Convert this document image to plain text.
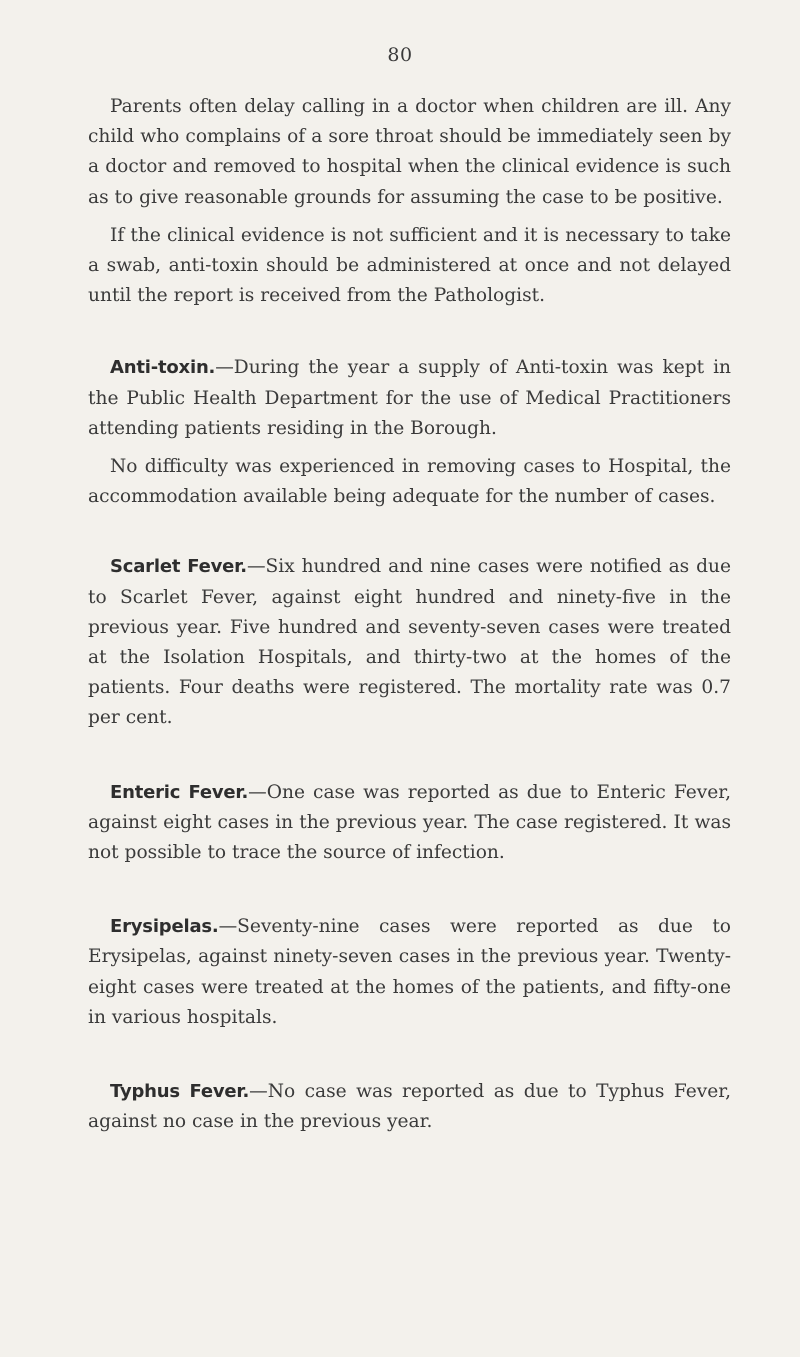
80

Parents often delay calling in a doctor when children are ill. Any child who complains of a sore throat should be immediately seen by a doctor and removed to hospital when the clinical evidence is such as to give reasonable grounds for assuming the case to be positive.

If the clinical evidence is not sufficient and it is necessary to take a swab, anti-toxin should be administered at once and not delayed until the report is received from the Pathologist.

Anti-toxin.—During the year a supply of Anti-toxin was kept in the Public Health Department for the use of Medical Practitioners attending patients residing in the Borough.

No difficulty was experienced in removing cases to Hospital, the accommodation available being adequate for the number of cases.

Scarlet Fever.—Six hundred and nine cases were notified as due to Scarlet Fever, against eight hundred and ninety-five in the previous year. Five hundred and seventy-seven cases were treated at the Isolation Hospitals, and thirty-two at the homes of the patients. Four deaths were registered. The mortality rate was 0.7 per cent.

Enteric Fever.—One case was reported as due to Enteric Fever, against eight cases in the previous year. The case registered. It was not possible to trace the source of infection.

Erysipelas.—Seventy-nine cases were reported as due to Erysipelas, against ninety-seven cases in the previous year. Twenty-eight cases were treated at the homes of the patients, and fifty-one in various hospitals.

Typhus Fever.—No case was reported as due to Typhus Fever, against no case in the previous year.
